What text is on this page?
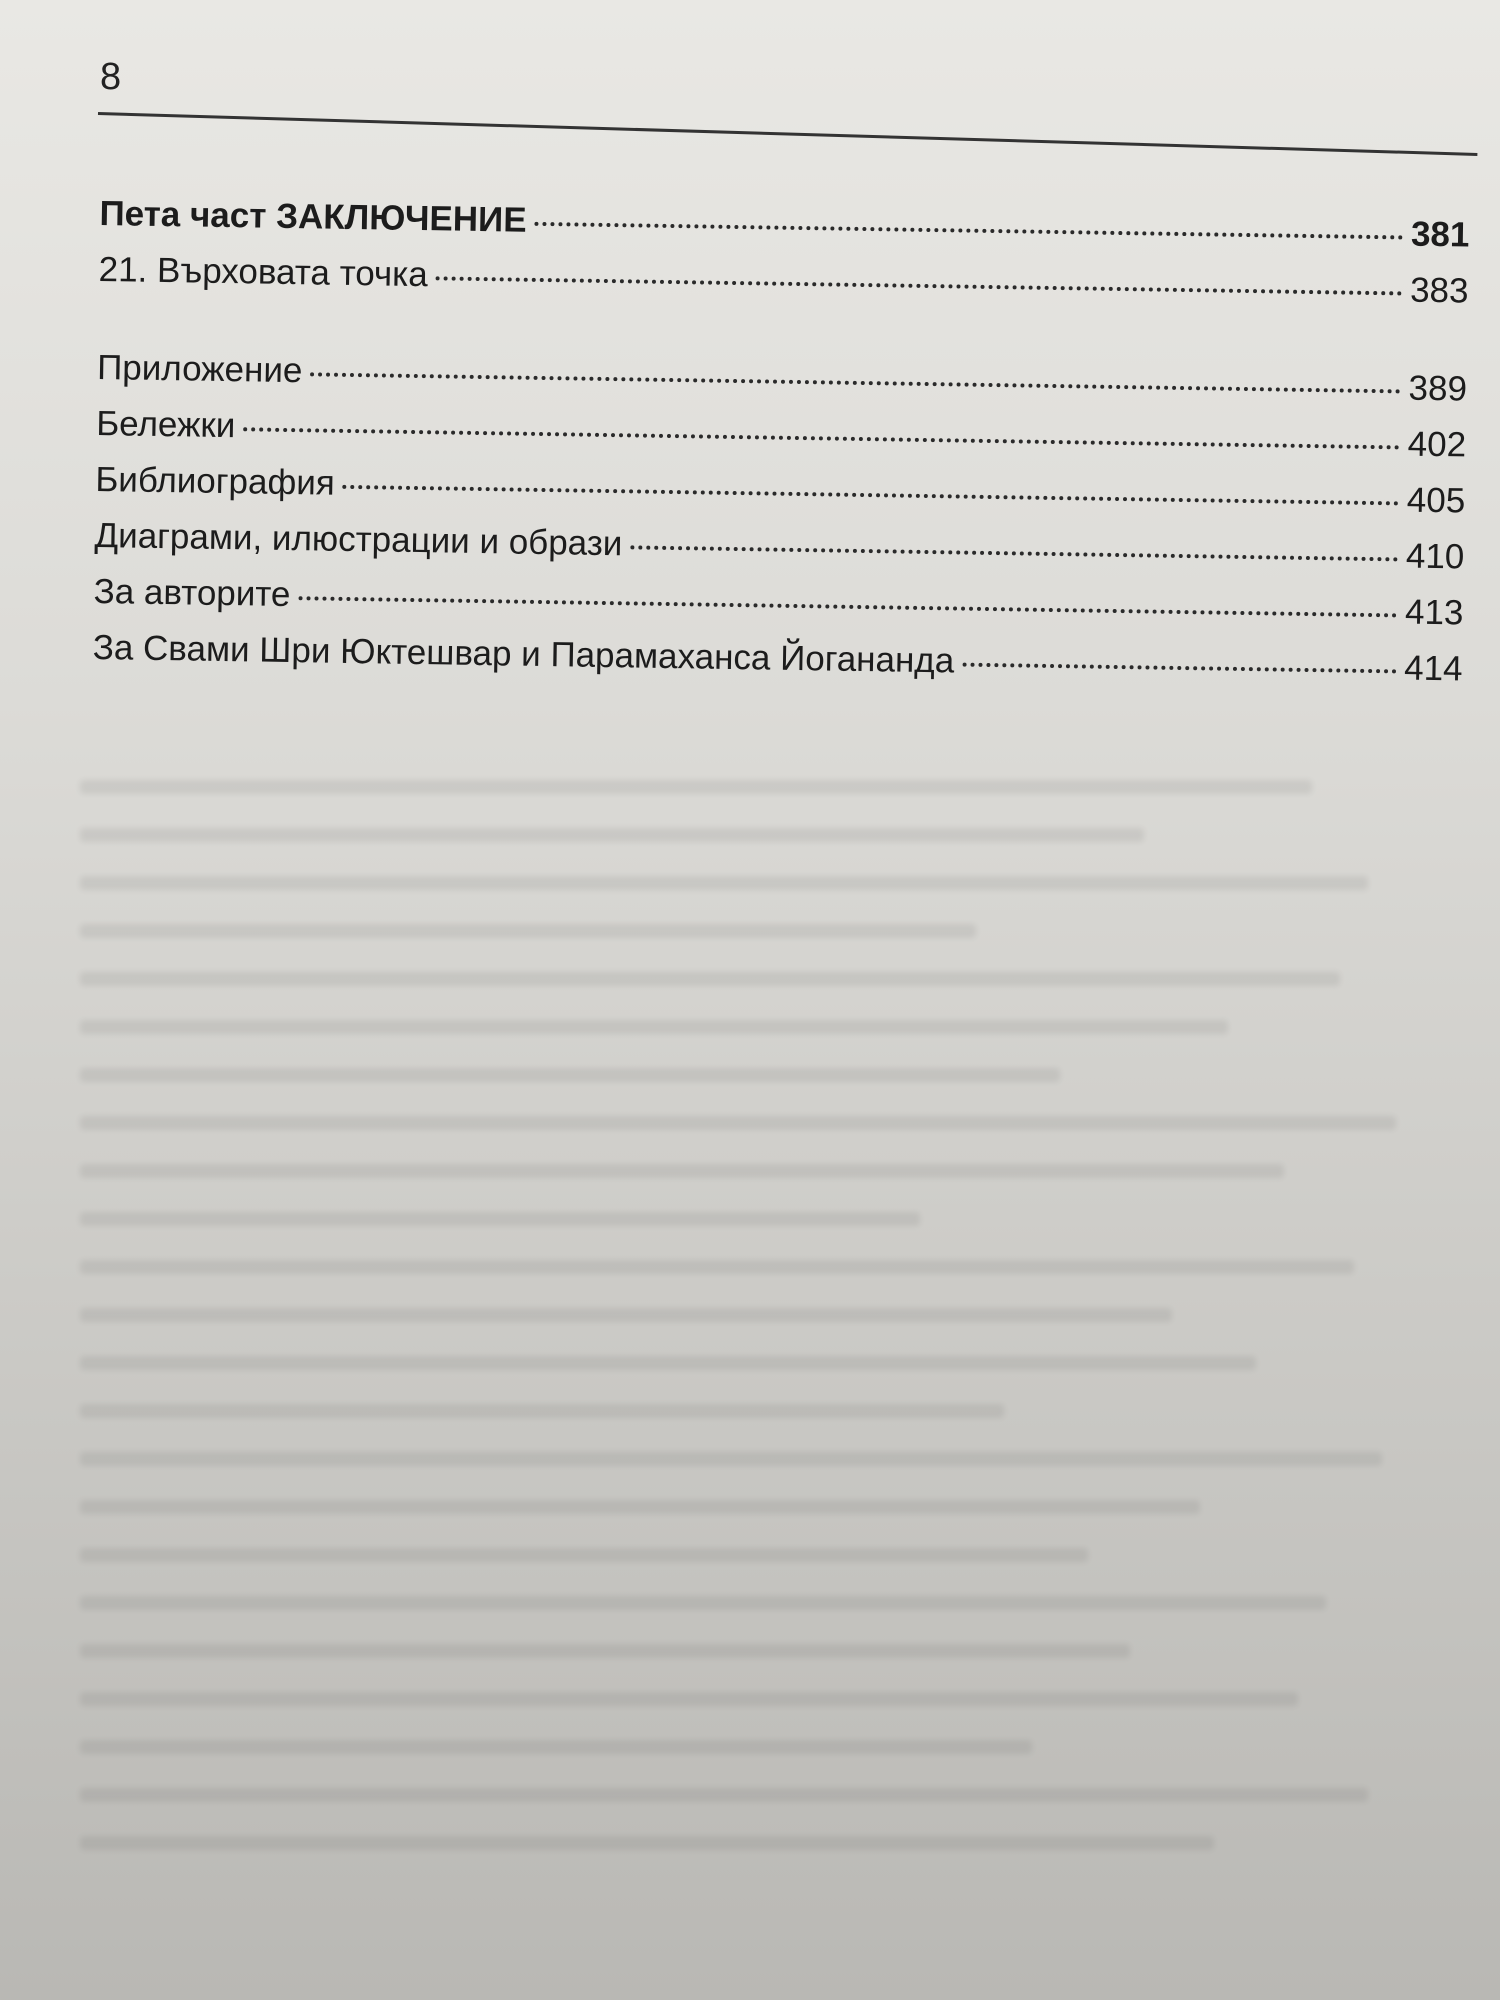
8
Пета част ЗАКЛЮЧЕНИЕ	381
21. Върховата точка	383
Приложение	389
Бележки	402
Библиография	405
Диаграми, илюстрации и образи	410
За авторите	413
За Свами Шри Юктешвар и Парамаханса Йогананда	414
